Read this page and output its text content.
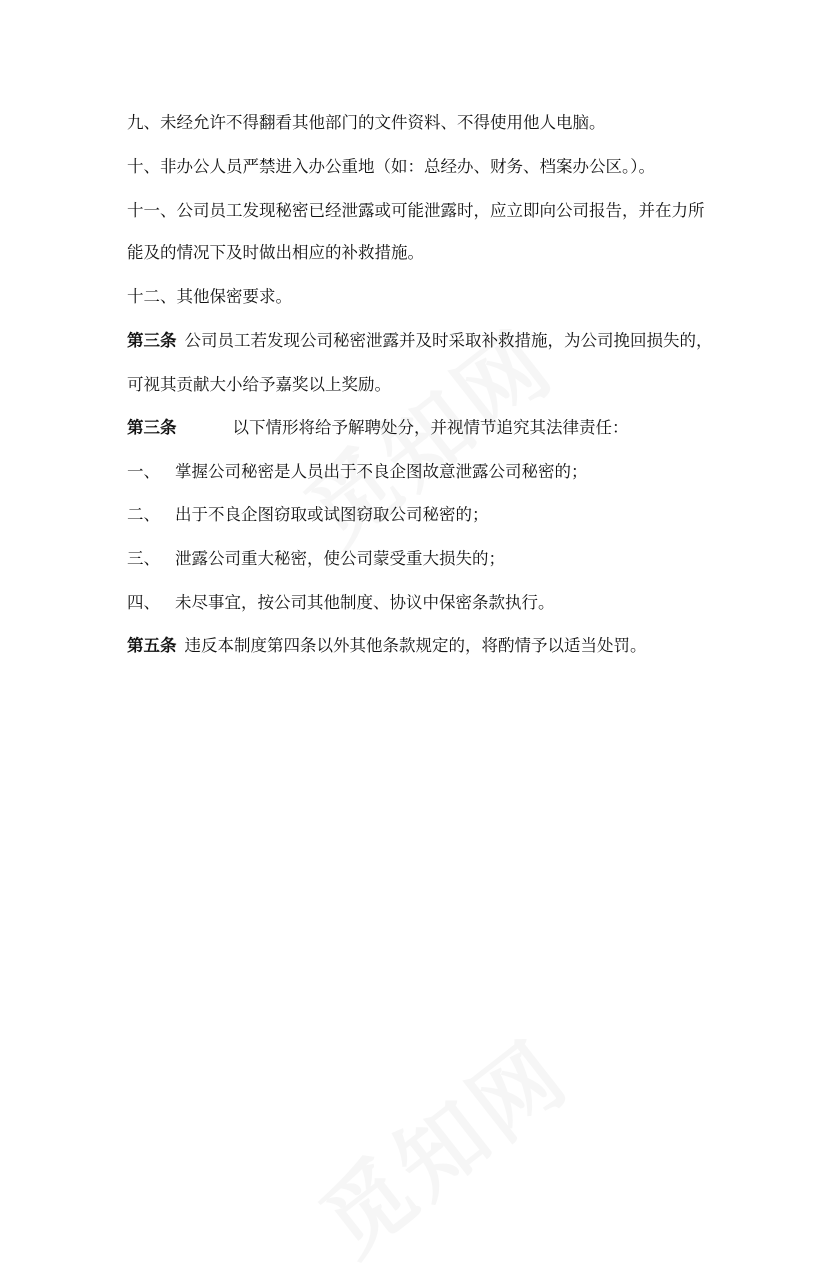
九、未经允许不得翻看其他部门的文件资料、不得使用他人电脑。
十、非办公人员严禁进入办公重地（如：总经办、财务、档案办公区。）。
十一、公司员工发现秘密已经泄露或可能泄露时，应立即向公司报告，并在力所
能及的情况下及时做出相应的补救措施。
十二、其他保密要求。
第三条 公司员工若发现公司秘密泄露并及时采取补救措施，为公司挽回损失的，
可视其贡献大小给予嘉奖以上奖励。
第三条	以下情形将给予解聘处分，并视情节追究其法律责任：
一、 掌握公司秘密是人员出于不良企图故意泄露公司秘密的；
二、 出于不良企图窃取或试图窃取公司秘密的；
三、 泄露公司重大秘密，使公司蒙受重大损失的；
四、 未尽事宜，按公司其他制度、协议中保密条款执行。
第五条 违反本制度第四条以外其他条款规定的，将酌情予以适当处罚。
